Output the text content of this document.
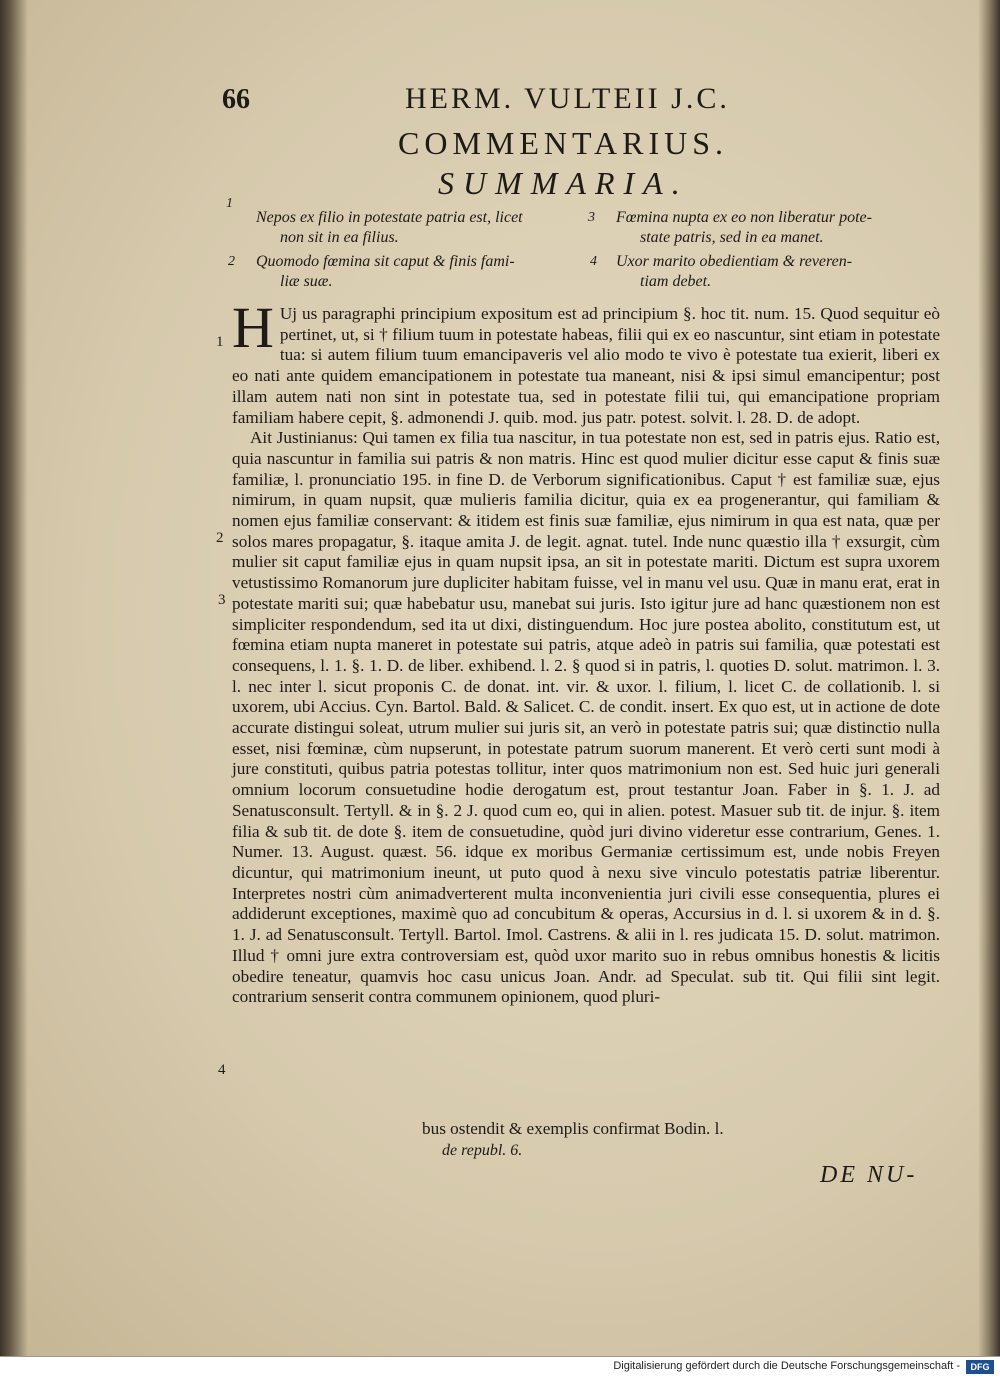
66	HERM. VULTEII J.C.
COMMENTARIUS.
SUMMARIA.
1
Nepos ex filio in potestate patria est, licet
non sit in ea filius.
2 Quomodo fœmina sit caput & finis fami-
liæ suæ.
3 Fœmina nupta ex eo non liberatur pote-
state patris, sed in ea manet.
4 Uxor marito obedientiam & reveren-
tiam debet.
1
2
3
4

H Uj us paragraphi principium expositum est ad principium §. hoc tit. num. 15. Quod sequitur eò pertinet, ut, si † filium tuum in potestate habeas, filii qui ex eo nascuntur, sint etiam in potestate tua: si autem filium tuum emancipaveris vel alio modo te vivo è potestate tua exierit, liberi ex eo nati ante quidem emancipationem in potestate tua maneant, nisi & ipsi simul emancipentur; post illam autem nati non sint in potestate tua, sed in potestate filii tui, qui emancipatione propriam familiam habere cepit, §. admonendi J. quib. mod. jus patr. potest. solvit. l. 28. D. de adopt.

Ait Justinianus: Qui tamen ex filia tua nascitur, in tua potestate non est, sed in patris ejus. Ratio est, quia nascuntur in familia sui patris & non matris. Hinc est quod mulier dicitur esse caput & finis suæ familiæ, l. pronunciatio 195. in fine D. de Verborum significationibus. Caput † est familiæ suæ, ejus nimirum, in quam nupsit, quæ mulieris familia dicitur, quia ex ea progenerantur, qui familiam & nomen ejus familiæ conservant: & itidem est finis suæ familiæ, ejus nimirum in qua est nata, quæ per solos mares propagatur, §. itaque amita J. de legit. agnat. tutel. Inde nunc quæstio illa † exsurgit, cùm mulier sit caput familiæ ejus in quam nupsit ipsa, an sit in potestate mariti. Dictum est supra uxorem vetustissimo Romanorum jure dupliciter habitam fuisse, vel in manu vel usu. Quæ in manu erat, erat in potestate mariti sui; quæ habebatur usu, manebat sui juris. Isto igitur jure ad hanc quæstionem non est simpliciter respondendum, sed ita ut dixi, distinguendum. Hoc jure postea abolito, constitutum est, ut fœmina etiam nupta maneret in potestate sui patris, atque adeò in patris sui familia, quæ potestati est consequens, l. 1. §. 1. D. de liber. exhibend. l. 2. § quod si in patris, l. quoties D. solut. matrimon. l. 3. l. nec inter l. sicut proponis C. de donat. int. vir. & uxor. l. filium, l. licet C. de collationib. l. si uxorem, ubi Accius. Cyn. Bartol. Bald. & Salicet. C. de condit. insert. Ex quo est, ut in actione de dote accurate distingui soleat, utrum mulier sui juris sit, an verò in potestate patris sui; quæ distinctio nulla esset, nisi fœminæ, cùm nupserunt, in potestate patrum suorum manerent. Et verò certi sunt modi à jure constituti, quibus patria potestas tollitur, inter quos matrimonium non est. Sed huic juri generali omnium locorum consuetudine hodie derogatum est, prout testantur Joan. Faber in §. 1. J. ad Senatusconsult. Tertyll. & in §. 2 J. quod cum eo, qui in alien. potest. Masuer sub tit. de injur. §. item filia & sub tit. de dote §. item de consuetudine, quòd juri divino videretur esse contrarium, Genes. 1. Numer. 13. August. quæst. 56. idque ex moribus Germaniæ certissimum est, unde nobis Freyen dicuntur, qui matrimonium ineunt, ut puto quod à nexu sive vinculo potestatis patriæ liberentur. Interpretes nostri cùm animadverterent multa inconvenientia juri civili esse consequentia, plures ei addiderunt exceptiones, maximè quo ad concubitum & operas, Accursius in d. l. si uxorem & in d. §. 1. J. ad Senatusconsult. Tertyll. Bartol. Imol. Castrens. & alii in l. res judicata 15. D. solut. matrimon. Illud † omni jure extra controversiam est, quòd uxor marito suo in rebus omnibus honestis & licitis obedire teneatur, quamvis hoc casu unicus Joan. Andr. ad Speculat. sub tit. Qui filii sint legit. contrarium senserit contra communem opinionem, quod pluri-

bus ostendit & exemplis confirmat Bodin. l.
de republ. 6.
DE NU-
Digitalisierung gefördert durch die Deutsche Forschungsgemeinschaft -	DFG
